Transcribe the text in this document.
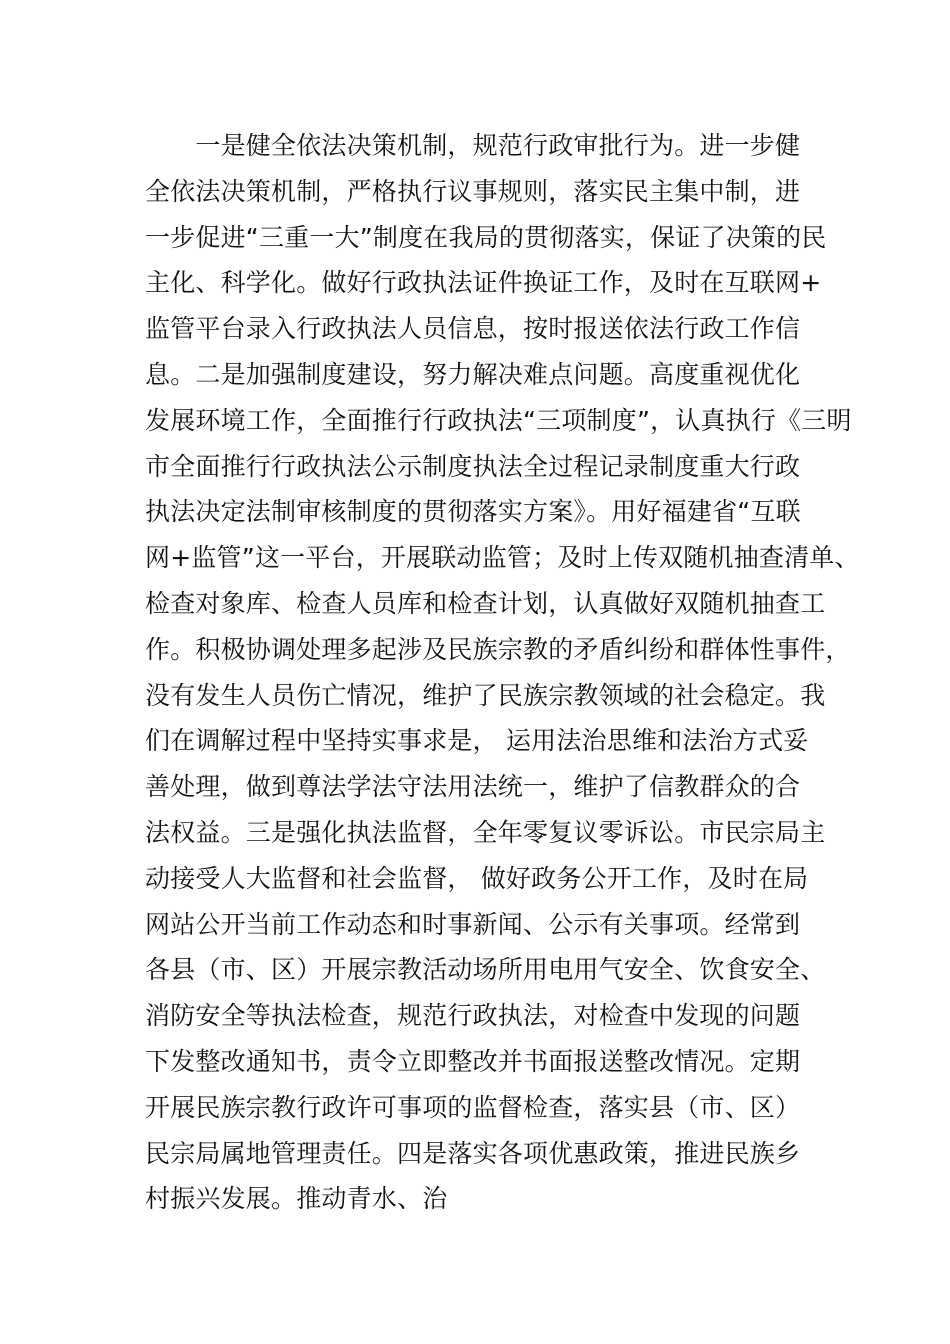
　　一是健全依法决策机制，规范行政审批行为。进一步健
全依法决策机制，严格执行议事规则，落实民主集中制，进
一步促进“三重一大”制度在我局的贯彻落实，保证了决策的民
主化、科学化。做好行政执法证件换证工作，及时在互联网+
监管平台录入行政执法人员信息，按时报送依法行政工作信
息。二是加强制度建设，努力解决难点问题。高度重视优化
发展环境工作，全面推行行政执法“三项制度”，认真执行《三明
市全面推行行政执法公示制度执法全过程记录制度重大行政
执法决定法制审核制度的贯彻落实方案》。用好福建省“互联
网+监管”这一平台，开展联动监管；及时上传双随机抽查清单、
检查对象库、检查人员库和检查计划，认真做好双随机抽查工
作。积极协调处理多起涉及民族宗教的矛盾纠纷和群体性事件，
没有发生人员伤亡情况，维护了民族宗教领域的社会稳定。我
们在调解过程中坚持实事求是， 运用法治思维和法治方式妥
善处理，做到尊法学法守法用法统一，维护了信教群众的合
法权益。三是强化执法监督，全年零复议零诉讼。市民宗局主
动接受人大监督和社会监督， 做好政务公开工作，及时在局
网站公开当前工作动态和时事新闻、公示有关事项。经常到
各县（市、区）开展宗教活动场所用电用气安全、饮食安全、
消防安全等执法检查，规范行政执法，对检查中发现的问题
下发整改通知书，责令立即整改并书面报送整改情况。定期
开展民族宗教行政许可事项的监督检查，落实县（市、区）
民宗局属地管理责任。四是落实各项优惠政策，推进民族乡
村振兴发展。推动青水、治
